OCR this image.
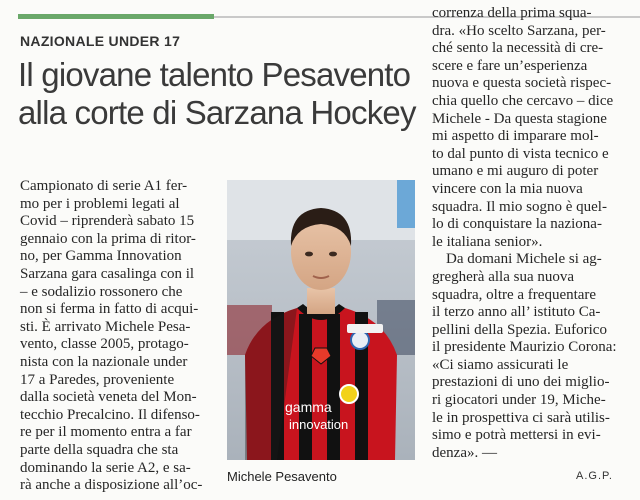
NAZIONALE UNDER 17
Il giovane talento Pesavento
alla corte di Sarzana Hockey
Campionato di serie A1 fer-
mo per i problemi legati al
Covid – riprenderà sabato 15
gennaio con la prima di ritor-
no, per Gamma Innovation
Sarzana gara casalinga con il
– e sodalizio rossonero che
non si ferma in fatto di acqui-
sti. È arrivato Michele Pesa-
vento, classe 2005, protago-
nista con la nazionale under
17 a Paredes, proveniente
dalla società veneta del Mon-
tecchio Precalcino. Il difenso-
re per il momento entra a far
parte della squadra che sta
dominando la serie A2, e sa-
rà anche a disposizione all’oc-
correnza della prima squa-
dra. «Ho scelto Sarzana, per-
ché sento la necessità di cre-
scere e fare un’esperienza
nuova e questa società rispec-
chia quello che cercavo – dice
Michele - Da questa stagione
mi aspetto di imparare mol-
to dal punto di vista tecnico e
umano e mi auguro di poter
vincere con la mia nuova
squadra. Il mio sogno è quel-
lo di conquistare la naziona-
le italiana senior».
Da domani Michele si ag-
gregherà alla sua nuova
squadra, oltre a frequentare
il terzo anno all’ istituto Ca-
pellini della Spezia. Euforico
il presidente Maurizio Corona:
«Ci siamo assicurati le
prestazioni di uno dei miglio-
ri giocatori under 19, Miche-
le in prospettiva ci sarà utilis-
simo e potrà mettersi in evi-
denza». —
gamma
innovation
Michele Pesavento	A.G.P.
